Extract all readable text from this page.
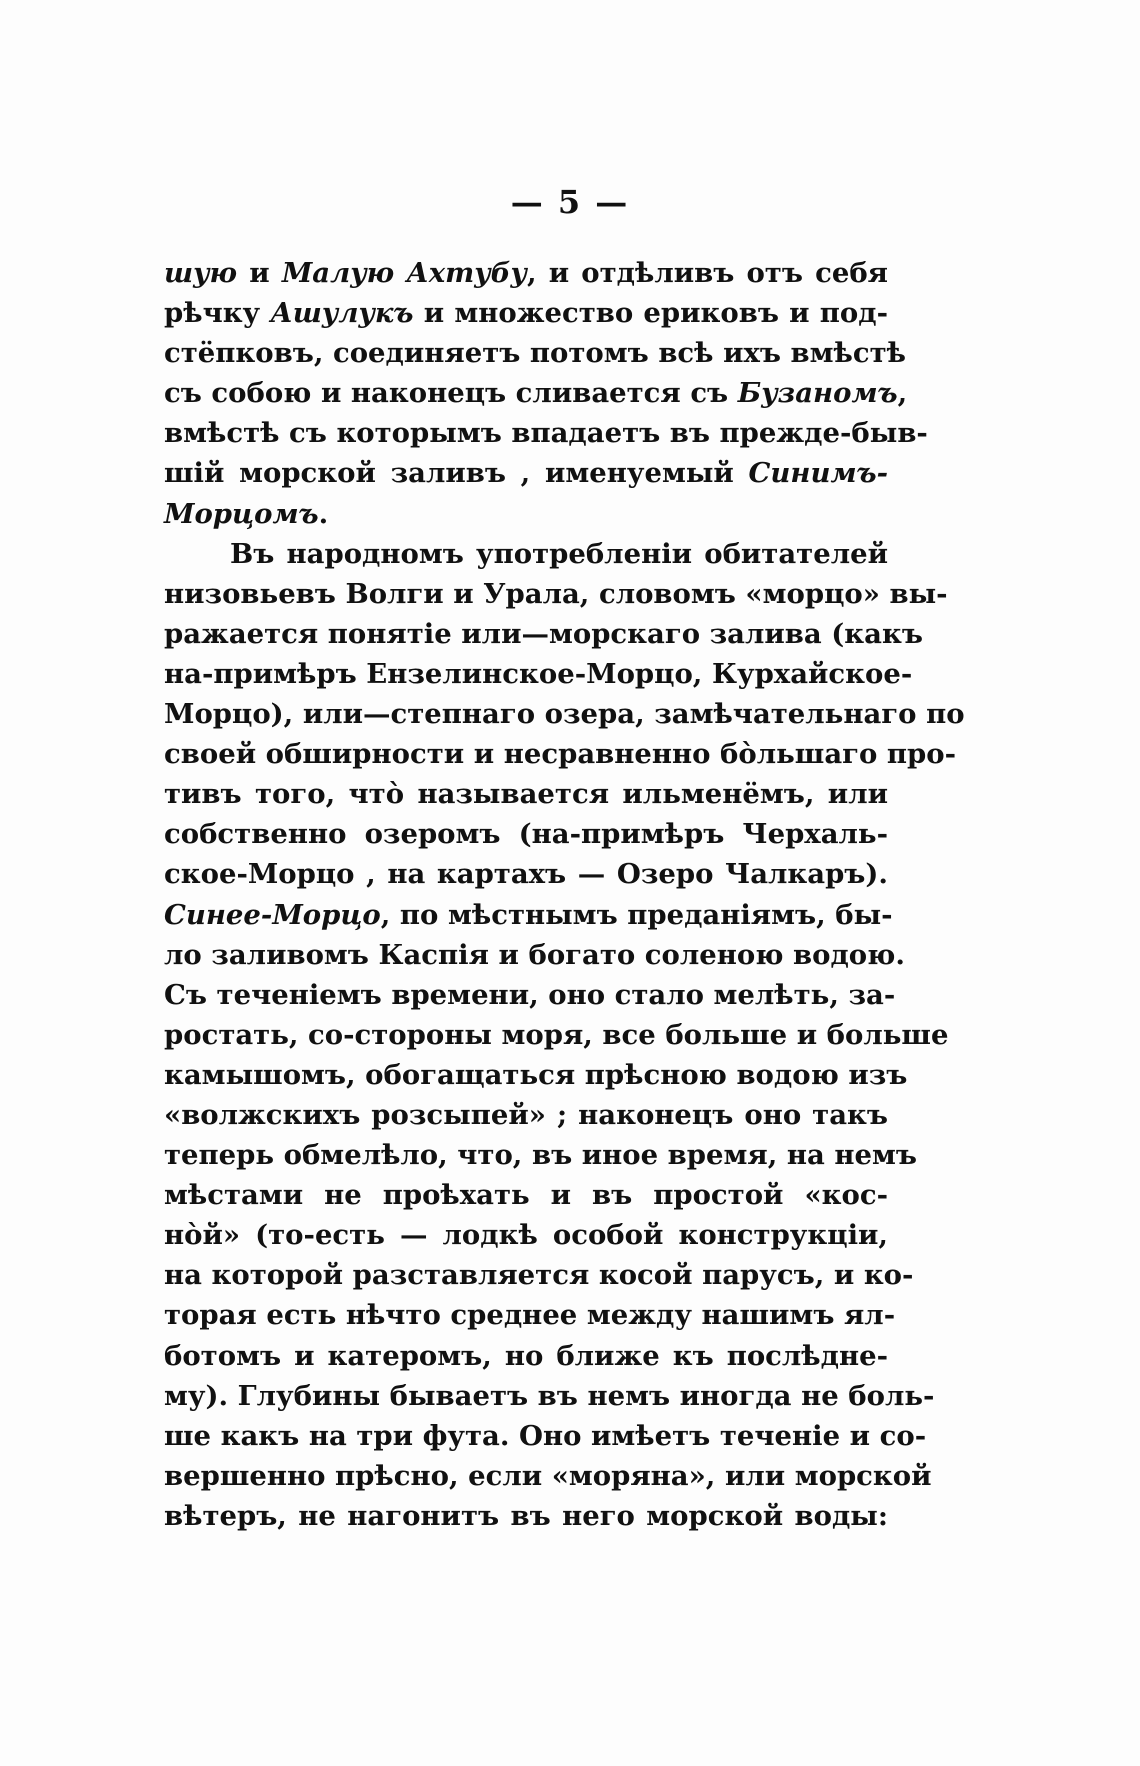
— 5 —
шую и Малую Ахтубу, и отдѣливъ отъ себя
рѣчку Ашулукъ и множество ериковъ и под-
стёпковъ, соединяетъ потомъ всѣ ихъ вмѣстѣ
съ собою и наконецъ сливается съ Бузаномъ,
вмѣстѣ съ которымъ впадаетъ въ прежде-быв-
шій морской заливъ , именуемый Синимъ-
Морцомъ.
Въ народномъ употребленіи обитателей
низовьевъ Волги и Урала, словомъ «морцо» вы-
ражается понятіе или—морскаго залива (какъ
на-примѣръ Ензелинское-Морцо, Курхайское-
Морцо), или—степнаго озера, замѣчательнаго по
своей обширности и несравненно бо̀льшаго про-
тивъ того, что̀ называется ильменёмъ, или
собственно озеромъ (на-примѣръ Черхаль-
ское-Морцо , на картахъ — Озеро Чалкаръ).
Синее-Морцо, по мѣстнымъ преданіямъ, бы-
ло заливомъ Каспія и богато соленою водою.
Съ теченіемъ времени, оно стало мелѣть, за-
ростать, со-стороны моря, все больше и больше
камышомъ, обогащаться прѣсною водою изъ
«волжскихъ розсыпей» ; наконецъ оно такъ
теперь обмелѣло, что, въ иное время, на немъ
мѣстами не проѣхать и въ простой «кос-
но̀й» (то-есть — лодкѣ особой конструкціи,
на которой разставляется косой парусъ, и ко-
торая есть нѣчто среднее между нашимъ ял-
ботомъ и катеромъ, но ближе къ послѣдне-
му). Глубины бываетъ въ немъ иногда не боль-
ше какъ на три фута. Оно имѣетъ теченіе и со-
вершенно прѣсно, если «моряна», или морской
вѣтеръ, не нагонитъ въ него морской воды:
